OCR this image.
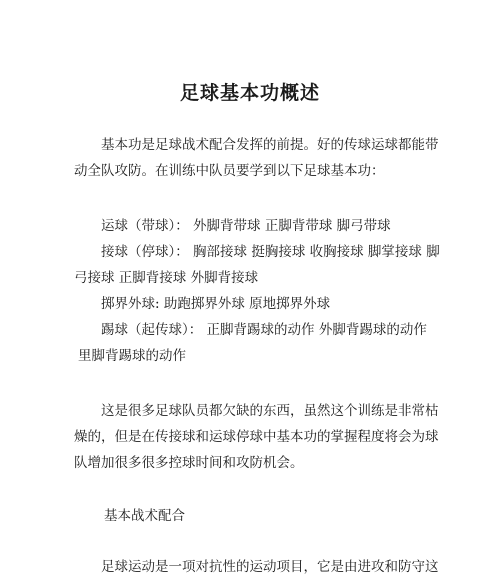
足球基本功概述
基本功是足球战术配合发挥的前提。好的传球运球都能带
动全队攻防。在训练中队员要学到以下足球基本功：
运球（带球）： 外脚背带球 正脚背带球 脚弓带球
接球（停球）： 胸部接球 挺胸接球 收胸接球 脚掌接球 脚
弓接球 正脚背接球 外脚背接球
掷界外球: 助跑掷界外球 原地掷界外球
踢球（起传球）： 正脚背踢球的动作 外脚背踢球的动作
里脚背踢球的动作
这是很多足球队员都欠缺的东西，虽然这个训练是非常枯
燥的，但是在传接球和运球停球中基本功的掌握程度将会为球
队增加很多很多控球时间和攻防机会。
基本战术配合
足球运动是一项对抗性的运动项目，它是由进攻和防守这
